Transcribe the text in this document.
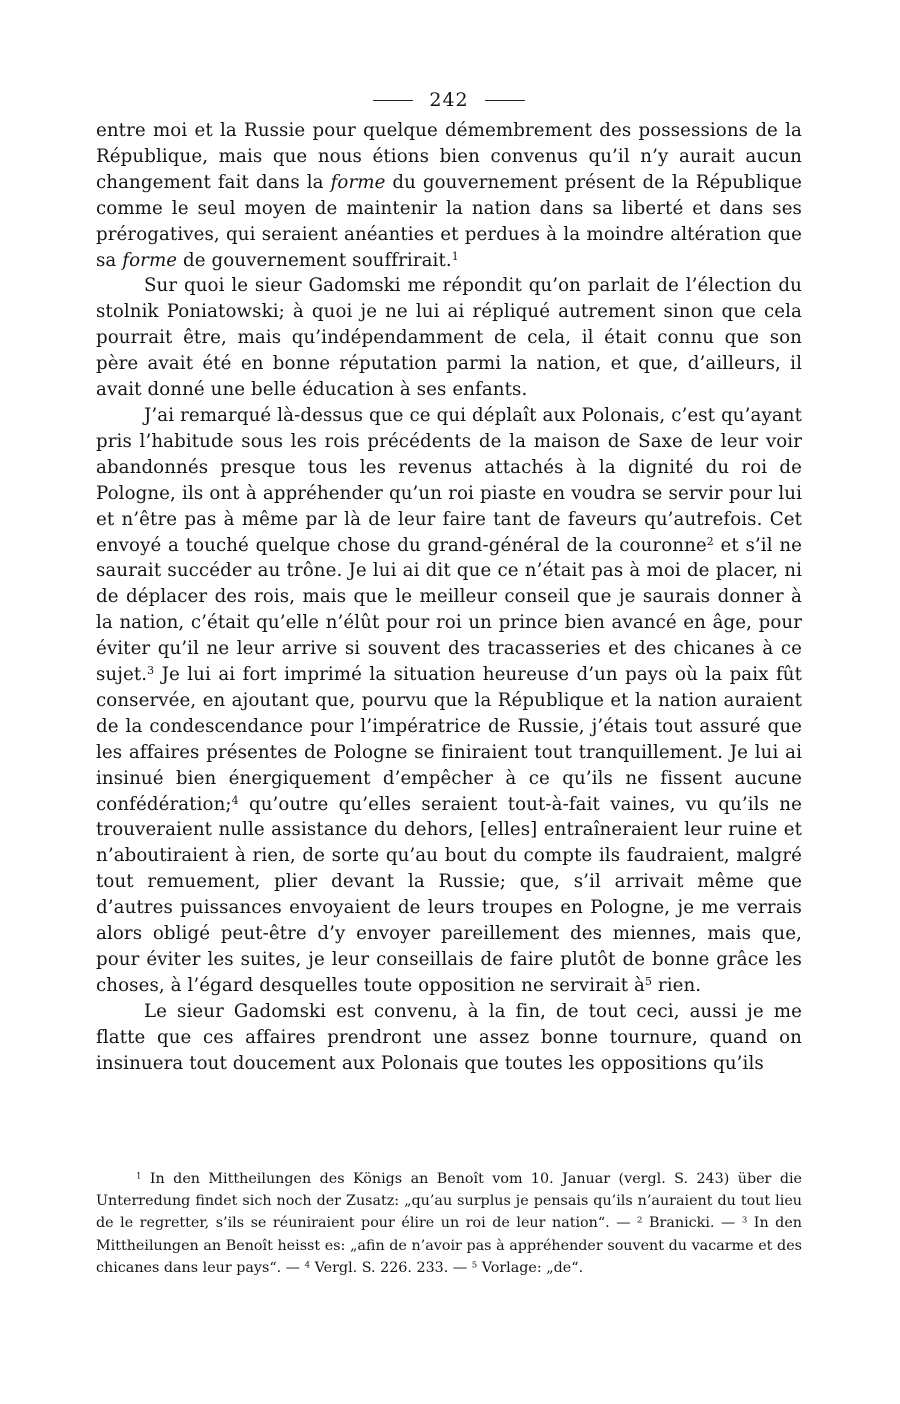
242

entre moi et la Russie pour quelque démembrement des possessions de la République, mais que nous étions bien convenus qu’il n’y aurait aucun changement fait dans la forme du gouvernement présent de la République comme le seul moyen de maintenir la nation dans sa liberté et dans ses prérogatives, qui seraient anéanties et perdues à la moindre altération que sa forme de gouvernement souffrirait.$^1$

Sur quoi le sieur Gadomski me répondit qu’on parlait de l’élection du stolnik Poniatowski; à quoi je ne lui ai répliqué autrement sinon que cela pourrait être, mais qu’indépendamment de cela, il était connu que son père avait été en bonne réputation parmi la nation, et que, d’ailleurs, il avait donné une belle éducation à ses enfants.

J’ai remarqué là-dessus que ce qui déplaît aux Polonais, c’est qu’ayant pris l’habitude sous les rois précédents de la maison de Saxe de leur voir abandonnés presque tous les revenus attachés à la dignité du roi de Pologne, ils ont à appréhender qu’un roi piaste en voudra se servir pour lui et n’être pas à même par là de leur faire tant de faveurs qu’autrefois. Cet envoyé a touché quelque chose du grand-général de la couronne$^2$ et s’il ne saurait succéder au trône. Je lui ai dit que ce n’était pas à moi de placer, ni de déplacer des rois, mais que le meilleur conseil que je saurais donner à la nation, c’était qu’elle n’élût pour roi un prince bien avancé en âge, pour éviter qu’il ne leur arrive si souvent des tracasseries et des chicanes à ce sujet.$^3$ Je lui ai fort imprimé la situation heureuse d’un pays où la paix fût conservée, en ajoutant que, pourvu que la République et la nation auraient de la condescendance pour l’impératrice de Russie, j’étais tout assuré que les affaires présentes de Pologne se finiraient tout tranquillement. Je lui ai insinué bien énergiquement d’empêcher à ce qu’ils ne fissent aucune confédération;$^4$ qu’outre qu’elles seraient tout-à-fait vaines, vu qu’ils ne trouveraient nulle assistance du dehors, [elles] entraîneraient leur ruine et n’aboutiraient à rien, de sorte qu’au bout du compte ils faudraient, malgré tout remuement, plier devant la Russie; que, s’il arrivait même que d’autres puissances envoyaient de leurs troupes en Pologne, je me verrais alors obligé peut-être d’y envoyer pareillement des miennes, mais que, pour éviter les suites, je leur conseillais de faire plutôt de bonne grâce les choses, à l’égard desquelles toute opposition ne servirait $à^5$ rien.

Le sieur Gadomski est convenu, à la fin, de tout ceci, aussi je me flatte que ces affaires prendront une assez bonne tournure, quand on insinuera tout doucement aux Polonais que toutes les oppositions qu’ils

$^1$ In den Mittheilungen des Königs an Benoît vom 10. Januar (vergl. S. 243) über die Unterredung findet sich noch der Zusatz: „qu’au surplus je pensais qu’ils n’auraient du tout lieu de le regretter, s’ils se réuniraient pour élire un roi de leur nation“. — $^2$ Branicki. — $^3$ In den Mittheilungen an Benoît heisst es: „afin de n’avoir pas à appréhender souvent du vacarme et des chicanes dans leur pays“. — $^4$ Vergl. S. 226. 233. — $^5$ Vorlage: „de“.
